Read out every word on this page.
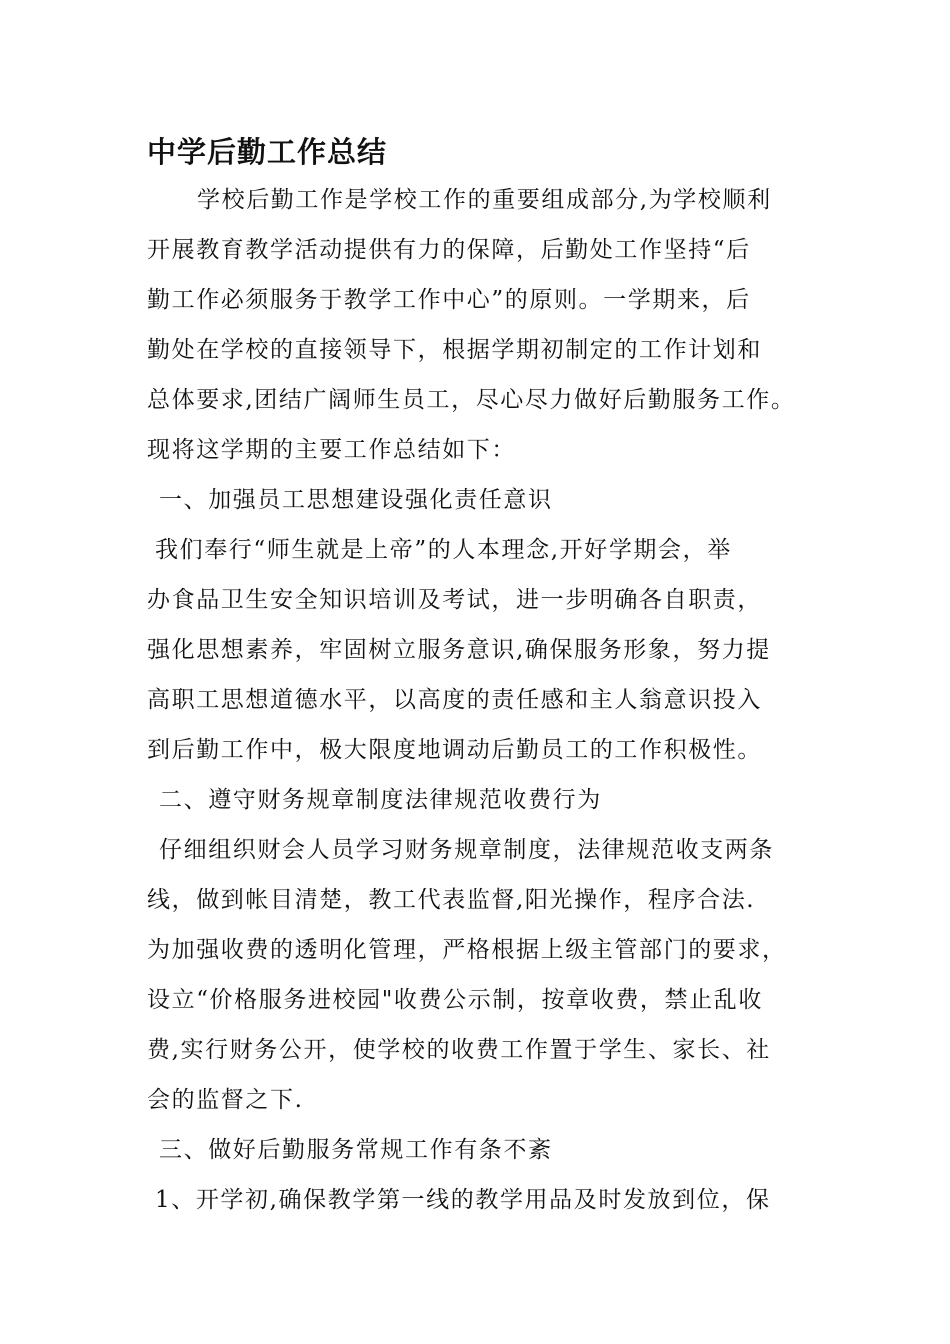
中学后勤工作总结
学校后勤工作是学校工作的重要组成部分,为学校顺利
开展教育教学活动提供有力的保障，后勤处工作坚持“后
勤工作必须服务于教学工作中心”的原则。一学期来，后
勤处在学校的直接领导下，根据学期初制定的工作计划和
总体要求,团结广阔师生员工，尽心尽力做好后勤服务工作。
现将这学期的主要工作总结如下：
一、加强员工思想建设强化责任意识
我们奉行“师生就是上帝”的人本理念,开好学期会，举
办食品卫生安全知识培训及考试，进一步明确各自职责，
强化思想素养，牢固树立服务意识,确保服务形象，努力提
高职工思想道德水平，以高度的责任感和主人翁意识投入
到后勤工作中，极大限度地调动后勤员工的工作积极性。
二、遵守财务规章制度法律规范收费行为
仔细组织财会人员学习财务规章制度，法律规范收支两条
线，做到帐目清楚，教工代表监督,阳光操作，程序合法.
为加强收费的透明化管理，严格根据上级主管部门的要求，
设立“价格服务进校园"收费公示制，按章收费，禁止乱收
费,实行财务公开，使学校的收费工作置于学生、家长、社
会的监督之下.
三、做好后勤服务常规工作有条不紊
1、开学初,确保教学第一线的教学用品及时发放到位，保
